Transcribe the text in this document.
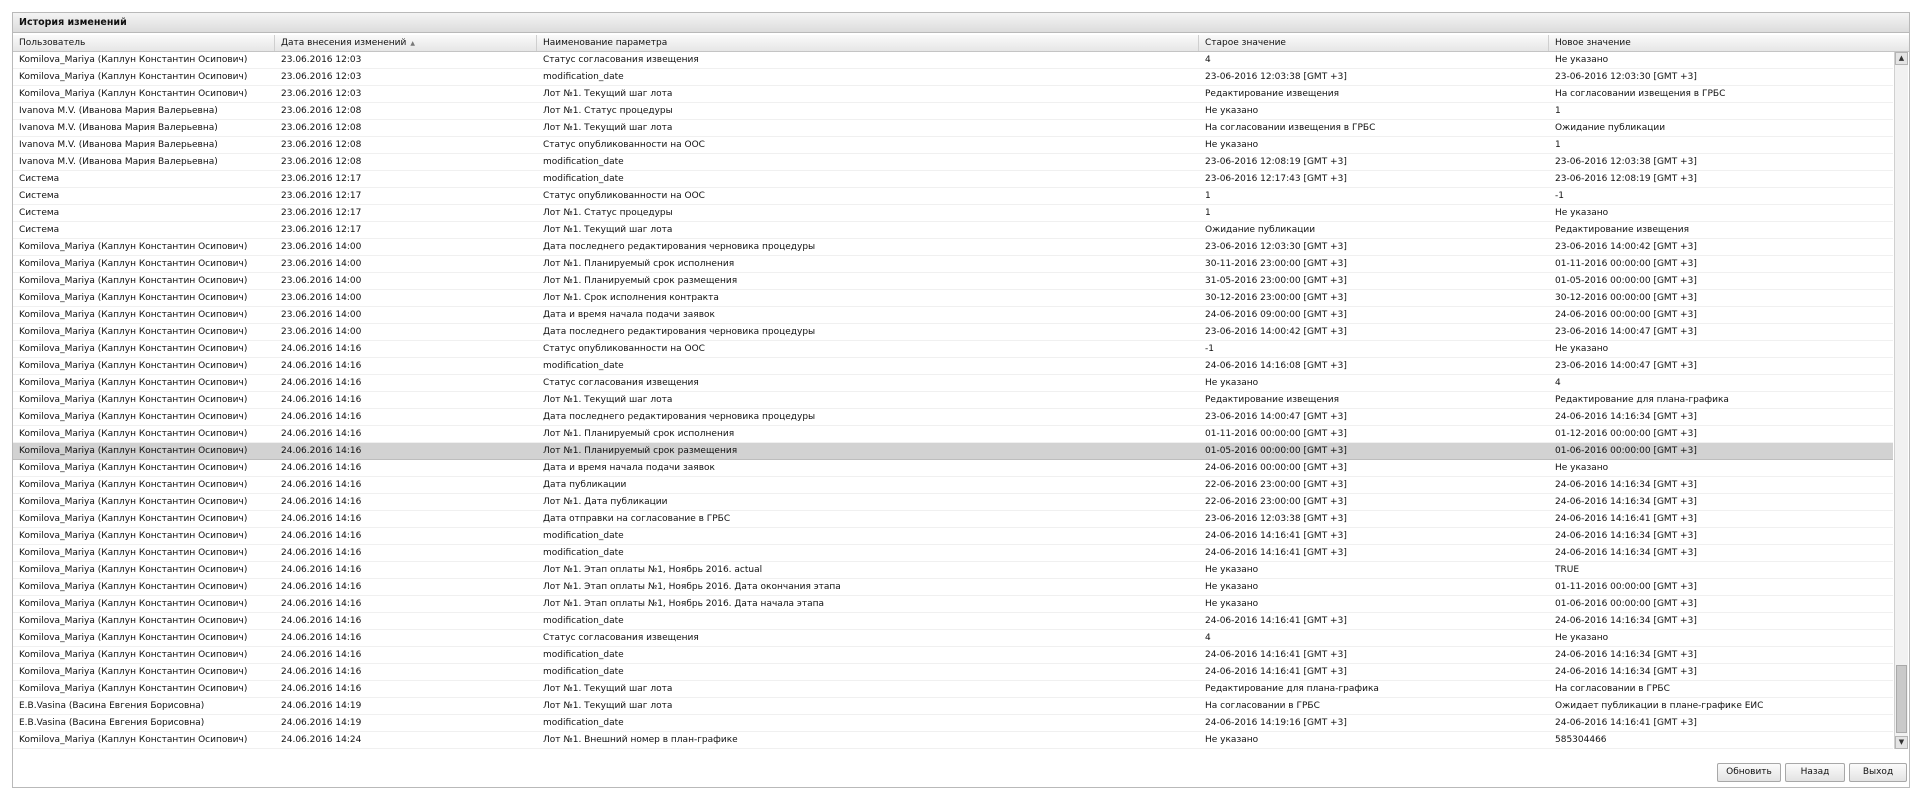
История изменений
Пользователь	Дата внесения изменений ▲	Наименование параметра	Старое значение	Новое значение
Komilova_Mariya (Каплун Константин Осипович)	23.06.2016 12:03	Статус согласования извещения	4	Не указано
Komilova_Mariya (Каплун Константин Осипович)	23.06.2016 12:03	modification_date	23-06-2016 12:03:38 [GMT +3]	23-06-2016 12:03:30 [GMT +3]
Komilova_Mariya (Каплун Константин Осипович)	23.06.2016 12:03	Лот №1. Текущий шаг лота	Редактирование извещения	На согласовании извещения в ГРБС
Ivanova M.V. (Иванова Мария Валерьевна)	23.06.2016 12:08	Лот №1. Статус процедуры	Не указано	1
Ivanova M.V. (Иванова Мария Валерьевна)	23.06.2016 12:08	Лот №1. Текущий шаг лота	На согласовании извещения в ГРБС	Ожидание публикации
Ivanova M.V. (Иванова Мария Валерьевна)	23.06.2016 12:08	Статус опубликованности на ООС	Не указано	1
Ivanova M.V. (Иванова Мария Валерьевна)	23.06.2016 12:08	modification_date	23-06-2016 12:08:19 [GMT +3]	23-06-2016 12:03:38 [GMT +3]
Система	23.06.2016 12:17	modification_date	23-06-2016 12:17:43 [GMT +3]	23-06-2016 12:08:19 [GMT +3]
Система	23.06.2016 12:17	Статус опубликованности на ООС	1	-1
Система	23.06.2016 12:17	Лот №1. Статус процедуры	1	Не указано
Система	23.06.2016 12:17	Лот №1. Текущий шаг лота	Ожидание публикации	Редактирование извещения
Komilova_Mariya (Каплун Константин Осипович)	23.06.2016 14:00	Дата последнего редактирования черновика процедуры	23-06-2016 12:03:30 [GMT +3]	23-06-2016 14:00:42 [GMT +3]
Komilova_Mariya (Каплун Константин Осипович)	23.06.2016 14:00	Лот №1. Планируемый срок исполнения	30-11-2016 23:00:00 [GMT +3]	01-11-2016 00:00:00 [GMT +3]
Komilova_Mariya (Каплун Константин Осипович)	23.06.2016 14:00	Лот №1. Планируемый срок размещения	31-05-2016 23:00:00 [GMT +3]	01-05-2016 00:00:00 [GMT +3]
Komilova_Mariya (Каплун Константин Осипович)	23.06.2016 14:00	Лот №1. Срок исполнения контракта	30-12-2016 23:00:00 [GMT +3]	30-12-2016 00:00:00 [GMT +3]
Komilova_Mariya (Каплун Константин Осипович)	23.06.2016 14:00	Дата и время начала подачи заявок	24-06-2016 09:00:00 [GMT +3]	24-06-2016 00:00:00 [GMT +3]
Komilova_Mariya (Каплун Константин Осипович)	23.06.2016 14:00	Дата последнего редактирования черновика процедуры	23-06-2016 14:00:42 [GMT +3]	23-06-2016 14:00:47 [GMT +3]
Komilova_Mariya (Каплун Константин Осипович)	24.06.2016 14:16	Статус опубликованности на ООС	-1	Не указано
Komilova_Mariya (Каплун Константин Осипович)	24.06.2016 14:16	modification_date	24-06-2016 14:16:08 [GMT +3]	23-06-2016 14:00:47 [GMT +3]
Komilova_Mariya (Каплун Константин Осипович)	24.06.2016 14:16	Статус согласования извещения	Не указано	4
Komilova_Mariya (Каплун Константин Осипович)	24.06.2016 14:16	Лот №1. Текущий шаг лота	Редактирование извещения	Редактирование для плана-графика
Komilova_Mariya (Каплун Константин Осипович)	24.06.2016 14:16	Дата последнего редактирования черновика процедуры	23-06-2016 14:00:47 [GMT +3]	24-06-2016 14:16:34 [GMT +3]
Komilova_Mariya (Каплун Константин Осипович)	24.06.2016 14:16	Лот №1. Планируемый срок исполнения	01-11-2016 00:00:00 [GMT +3]	01-12-2016 00:00:00 [GMT +3]
Komilova_Mariya (Каплун Константин Осипович)	24.06.2016 14:16	Лот №1. Планируемый срок размещения	01-05-2016 00:00:00 [GMT +3]	01-06-2016 00:00:00 [GMT +3]
Komilova_Mariya (Каплун Константин Осипович)	24.06.2016 14:16	Дата и время начала подачи заявок	24-06-2016 00:00:00 [GMT +3]	Не указано
Komilova_Mariya (Каплун Константин Осипович)	24.06.2016 14:16	Дата публикации	22-06-2016 23:00:00 [GMT +3]	24-06-2016 14:16:34 [GMT +3]
Komilova_Mariya (Каплун Константин Осипович)	24.06.2016 14:16	Лот №1. Дата публикации	22-06-2016 23:00:00 [GMT +3]	24-06-2016 14:16:34 [GMT +3]
Komilova_Mariya (Каплун Константин Осипович)	24.06.2016 14:16	Дата отправки на согласование в ГРБС	23-06-2016 12:03:38 [GMT +3]	24-06-2016 14:16:41 [GMT +3]
Komilova_Mariya (Каплун Константин Осипович)	24.06.2016 14:16	modification_date	24-06-2016 14:16:41 [GMT +3]	24-06-2016 14:16:34 [GMT +3]
Komilova_Mariya (Каплун Константин Осипович)	24.06.2016 14:16	modification_date	24-06-2016 14:16:41 [GMT +3]	24-06-2016 14:16:34 [GMT +3]
Komilova_Mariya (Каплун Константин Осипович)	24.06.2016 14:16	Лот №1. Этап оплаты №1, Ноябрь 2016. actual	Не указано	TRUE
Komilova_Mariya (Каплун Константин Осипович)	24.06.2016 14:16	Лот №1. Этап оплаты №1, Ноябрь 2016. Дата окончания этапа	Не указано	01-11-2016 00:00:00 [GMT +3]
Komilova_Mariya (Каплун Константин Осипович)	24.06.2016 14:16	Лот №1. Этап оплаты №1, Ноябрь 2016. Дата начала этапа	Не указано	01-06-2016 00:00:00 [GMT +3]
Komilova_Mariya (Каплун Константин Осипович)	24.06.2016 14:16	modification_date	24-06-2016 14:16:41 [GMT +3]	24-06-2016 14:16:34 [GMT +3]
Komilova_Mariya (Каплун Константин Осипович)	24.06.2016 14:16	Статус согласования извещения	4	Не указано
Komilova_Mariya (Каплун Константин Осипович)	24.06.2016 14:16	modification_date	24-06-2016 14:16:41 [GMT +3]	24-06-2016 14:16:34 [GMT +3]
Komilova_Mariya (Каплун Константин Осипович)	24.06.2016 14:16	modification_date	24-06-2016 14:16:41 [GMT +3]	24-06-2016 14:16:34 [GMT +3]
Komilova_Mariya (Каплун Константин Осипович)	24.06.2016 14:16	Лот №1. Текущий шаг лота	Редактирование для плана-графика	На согласовании в ГРБС
E.B.Vasina (Васина Евгения Борисовна)	24.06.2016 14:19	Лот №1. Текущий шаг лота	На согласовании в ГРБС	Ожидает публикации в плане-графике ЕИС
E.B.Vasina (Васина Евгения Борисовна)	24.06.2016 14:19	modification_date	24-06-2016 14:19:16 [GMT +3]	24-06-2016 14:16:41 [GMT +3]
Komilova_Mariya (Каплун Константин Осипович)	24.06.2016 14:24	Лот №1. Внешний номер в план-графике	Не указано	585304466
▲
▼
Обновить	Назад	Выход
